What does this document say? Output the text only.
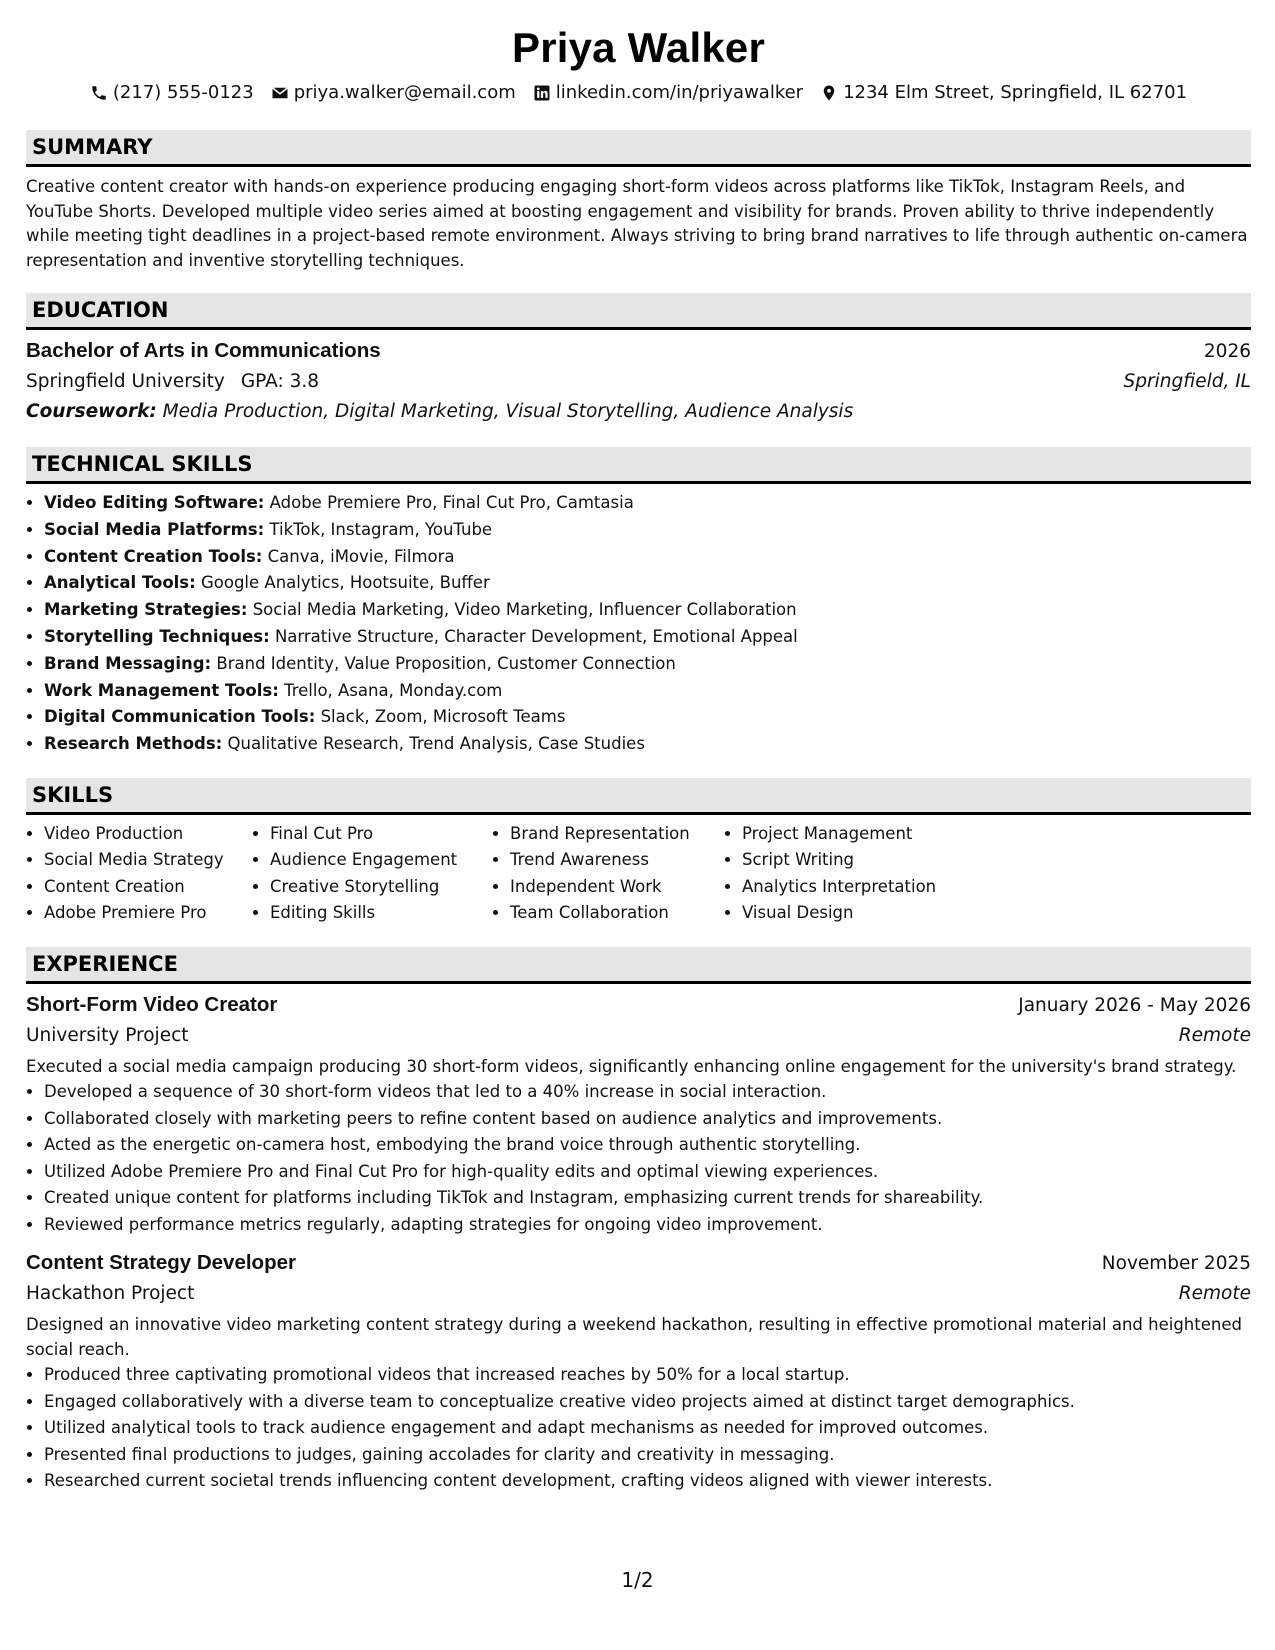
Priya Walker
(217) 555-0123 priya.walker@email.com linkedin.com/in/priyawalker 1234 Elm Street, Springfield, IL 62701
SUMMARY
Creative content creator with hands-on experience producing engaging short-form videos across platforms like TikTok, Instagram Reels, and YouTube Shorts. Developed multiple video series aimed at boosting engagement and visibility for brands. Proven ability to thrive independently while meeting tight deadlines in a project-based remote environment. Always striving to bring brand narratives to life through authentic on-camera representation and inventive storytelling techniques.
EDUCATION
Bachelor of Arts in Communications	2026
Springfield University GPA: 3.8	Springfield, IL
Coursework: Media Production, Digital Marketing, Visual Storytelling, Audience Analysis
TECHNICAL SKILLS
• Video Editing Software: Adobe Premiere Pro, Final Cut Pro, Camtasia
• Social Media Platforms: TikTok, Instagram, YouTube
• Content Creation Tools: Canva, iMovie, Filmora
• Analytical Tools: Google Analytics, Hootsuite, Buffer
• Marketing Strategies: Social Media Marketing, Video Marketing, Influencer Collaboration
• Storytelling Techniques: Narrative Structure, Character Development, Emotional Appeal
• Brand Messaging: Brand Identity, Value Proposition, Customer Connection
• Work Management Tools: Trello, Asana, Monday.com
• Digital Communication Tools: Slack, Zoom, Microsoft Teams
• Research Methods: Qualitative Research, Trend Analysis, Case Studies
SKILLS
• Video Production
• Social Media Strategy
• Content Creation
• Adobe Premiere Pro
• Final Cut Pro
• Audience Engagement
• Creative Storytelling
• Editing Skills
• Brand Representation
• Trend Awareness
• Independent Work
• Team Collaboration
• Project Management
• Script Writing
• Analytics Interpretation
• Visual Design
EXPERIENCE
Short-Form Video Creator	January 2026 - May 2026
University Project	Remote
Executed a social media campaign producing 30 short-form videos, significantly enhancing online engagement for the university's brand strategy.
• Developed a sequence of 30 short-form videos that led to a 40% increase in social interaction.
• Collaborated closely with marketing peers to refine content based on audience analytics and improvements.
• Acted as the energetic on-camera host, embodying the brand voice through authentic storytelling.
• Utilized Adobe Premiere Pro and Final Cut Pro for high-quality edits and optimal viewing experiences.
• Created unique content for platforms including TikTok and Instagram, emphasizing current trends for shareability.
• Reviewed performance metrics regularly, adapting strategies for ongoing video improvement.
Content Strategy Developer	November 2025
Hackathon Project	Remote
Designed an innovative video marketing content strategy during a weekend hackathon, resulting in effective promotional material and heightened social reach.
• Produced three captivating promotional videos that increased reaches by 50% for a local startup.
• Engaged collaboratively with a diverse team to conceptualize creative video projects aimed at distinct target demographics.
• Utilized analytical tools to track audience engagement and adapt mechanisms as needed for improved outcomes.
• Presented final productions to judges, gaining accolades for clarity and creativity in messaging.
• Researched current societal trends influencing content development, crafting videos aligned with viewer interests.
1/2
